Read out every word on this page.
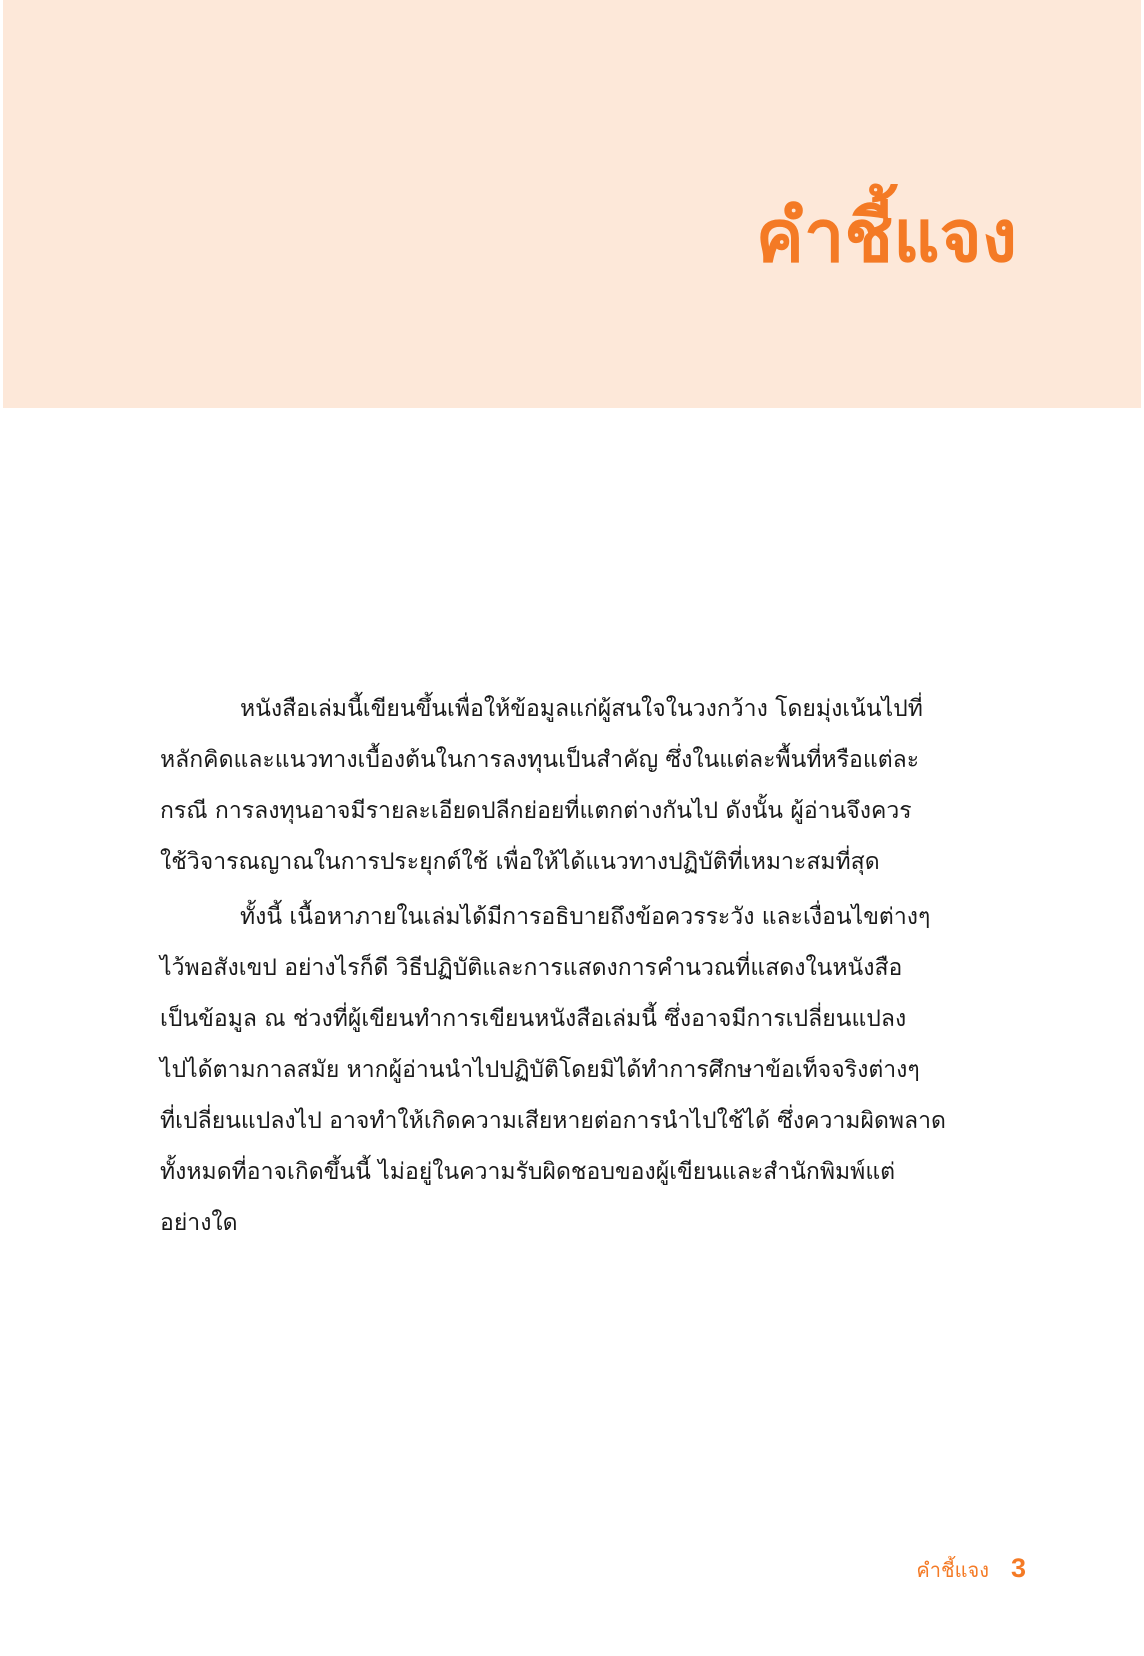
คำชี้แจง

หนังสือเล่มนี้เขียนขึ้นเพื่อให้ข้อมูลแก่ผู้สนใจในวงกว้าง โดยมุ่งเน้นไปที่
หลักคิดและแนวทางเบื้องต้นในการลงทุนเป็นสำคัญ ซึ่งในแต่ละพื้นที่หรือแต่ละ
กรณี การลงทุนอาจมีรายละเอียดปลีกย่อยที่แตกต่างกันไป ดังนั้น ผู้อ่านจึงควร
ใช้วิจารณญาณในการประยุกต์ใช้ เพื่อให้ได้แนวทางปฏิบัติที่เหมาะสมที่สุด

ทั้งนี้ เนื้อหาภายในเล่มได้มีการอธิบายถึงข้อควรระวัง และเงื่อนไขต่างๆ
ไว้พอสังเขป อย่างไรก็ดี วิธีปฏิบัติและการแสดงการคำนวณที่แสดงในหนังสือ
เป็นข้อมูล ณ ช่วงที่ผู้เขียนทำการเขียนหนังสือเล่มนี้ ซึ่งอาจมีการเปลี่ยนแปลง
ไปได้ตามกาลสมัย หากผู้อ่านนำไปปฏิบัติโดยมิได้ทำการศึกษาข้อเท็จจริงต่างๆ
ที่เปลี่ยนแปลงไป อาจทำให้เกิดความเสียหายต่อการนำไปใช้ได้ ซึ่งความผิดพลาด
ทั้งหมดที่อาจเกิดขึ้นนี้ ไม่อยู่ในความรับผิดชอบของผู้เขียนและสำนักพิมพ์แต่
อย่างใด

คำชี้แจง 3
